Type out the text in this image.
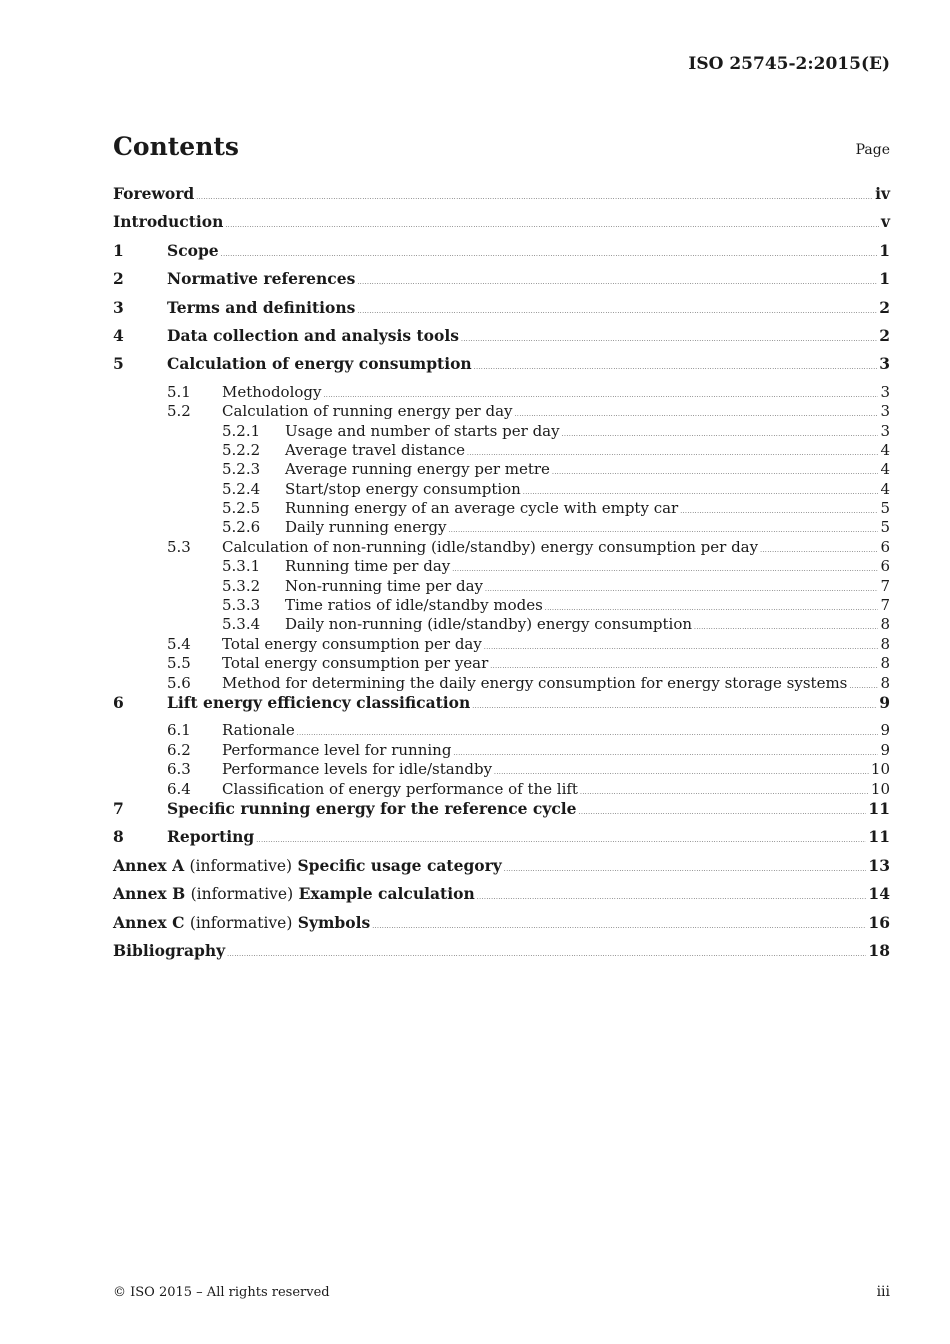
ISO 25745-2:2015(E)
Contents	Page
Foreword .....	iv
Introduction .....	v
1	Scope .....	1
2	Normative references .....	1
3	Terms and definitions .....	2
4	Data collection and analysis tools .....	2
5	Calculation of energy consumption .....	3
5.1	Methodology .....	3
5.2	Calculation of running energy per day .....	3
5.2.1	Usage and number of starts per day .....	3
5.2.2	Average travel distance .....	4
5.2.3	Average running energy per metre .....	4
5.2.4	Start/stop energy consumption .....	4
5.2.5	Running energy of an average cycle with empty car .....	5
5.2.6	Daily running energy .....	5
5.3	Calculation of non-running (idle/standby) energy consumption per day .....	6
5.3.1	Running time per day .....	6
5.3.2	Non-running time per day .....	7
5.3.3	Time ratios of idle/standby modes .....	7
5.3.4	Daily non-running (idle/standby) energy consumption .....	8
5.4	Total energy consumption per day .....	8
5.5	Total energy consumption per year .....	8
5.6	Method for determining the daily energy consumption for energy storage systems ..... 8
6	Lift energy efficiency classification .....	9
6.1	Rationale .....	9
6.2	Performance level for running .....	9
6.3	Performance levels for idle/standby .....	10
6.4	Classification of energy performance of the lift .....	10
7	Specific running energy for the reference cycle .....	11
8	Reporting .....	11
Annex A (informative) Specific usage category .....	13
Annex B (informative) Example calculation .....	14
Annex C (informative) Symbols .....	16
Bibliography .....	18
© ISO 2015 – All rights reserved	iii
